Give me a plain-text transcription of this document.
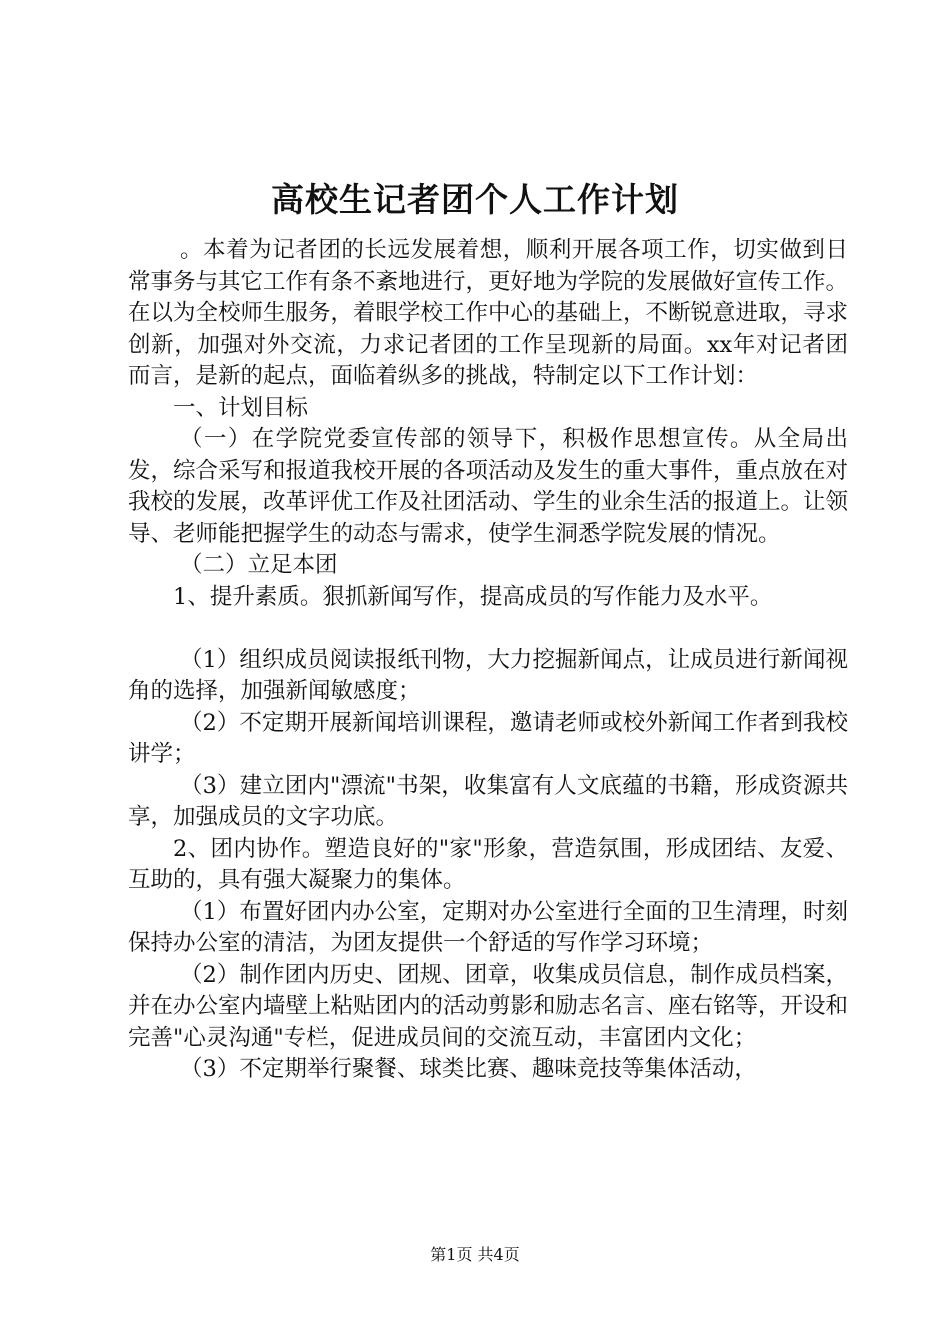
高校生记者团个人工作计划

。本着为记者团的长远发展着想，顺利开展各项工作，切实做到日常事务与其它工作有条不紊地进行，更好地为学院的发展做好宣传工作。在以为全校师生服务，着眼学校工作中心的基础上，不断锐意进取，寻求创新，加强对外交流，力求记者团的工作呈现新的局面。xx年对记者团而言，是新的起点，面临着纵多的挑战，特制定以下工作计划：

一、计划目标

（一）在学院党委宣传部的领导下，积极作思想宣传。从全局出发，综合采写和报道我校开展的各项活动及发生的重大事件，重点放在对我校的发展，改革评优工作及社团活动、学生的业余生活的报道上。让领导、老师能把握学生的动态与需求，使学生洞悉学院发展的情况。

（二）立足本团

1、提升素质。狠抓新闻写作，提高成员的写作能力及水平。

（1）组织成员阅读报纸刊物，大力挖掘新闻点，让成员进行新闻视角的选择，加强新闻敏感度；

（2）不定期开展新闻培训课程，邀请老师或校外新闻工作者到我校讲学；

（3）建立团内"漂流"书架，收集富有人文底蕴的书籍，形成资源共享，加强成员的文字功底。

2、团内协作。塑造良好的"家"形象，营造氛围，形成团结、友爱、互助的，具有强大凝聚力的集体。

（1）布置好团内办公室，定期对办公室进行全面的卫生清理，时刻保持办公室的清洁，为团友提供一个舒适的写作学习环境；

（2）制作团内历史、团规、团章，收集成员信息，制作成员档案，并在办公室内墙壁上粘贴团内的活动剪影和励志名言、座右铭等，开设和完善"心灵沟通"专栏，促进成员间的交流互动，丰富团内文化；

（3）不定期举行聚餐、球类比赛、趣味竞技等集体活动，

第1页 共4页
